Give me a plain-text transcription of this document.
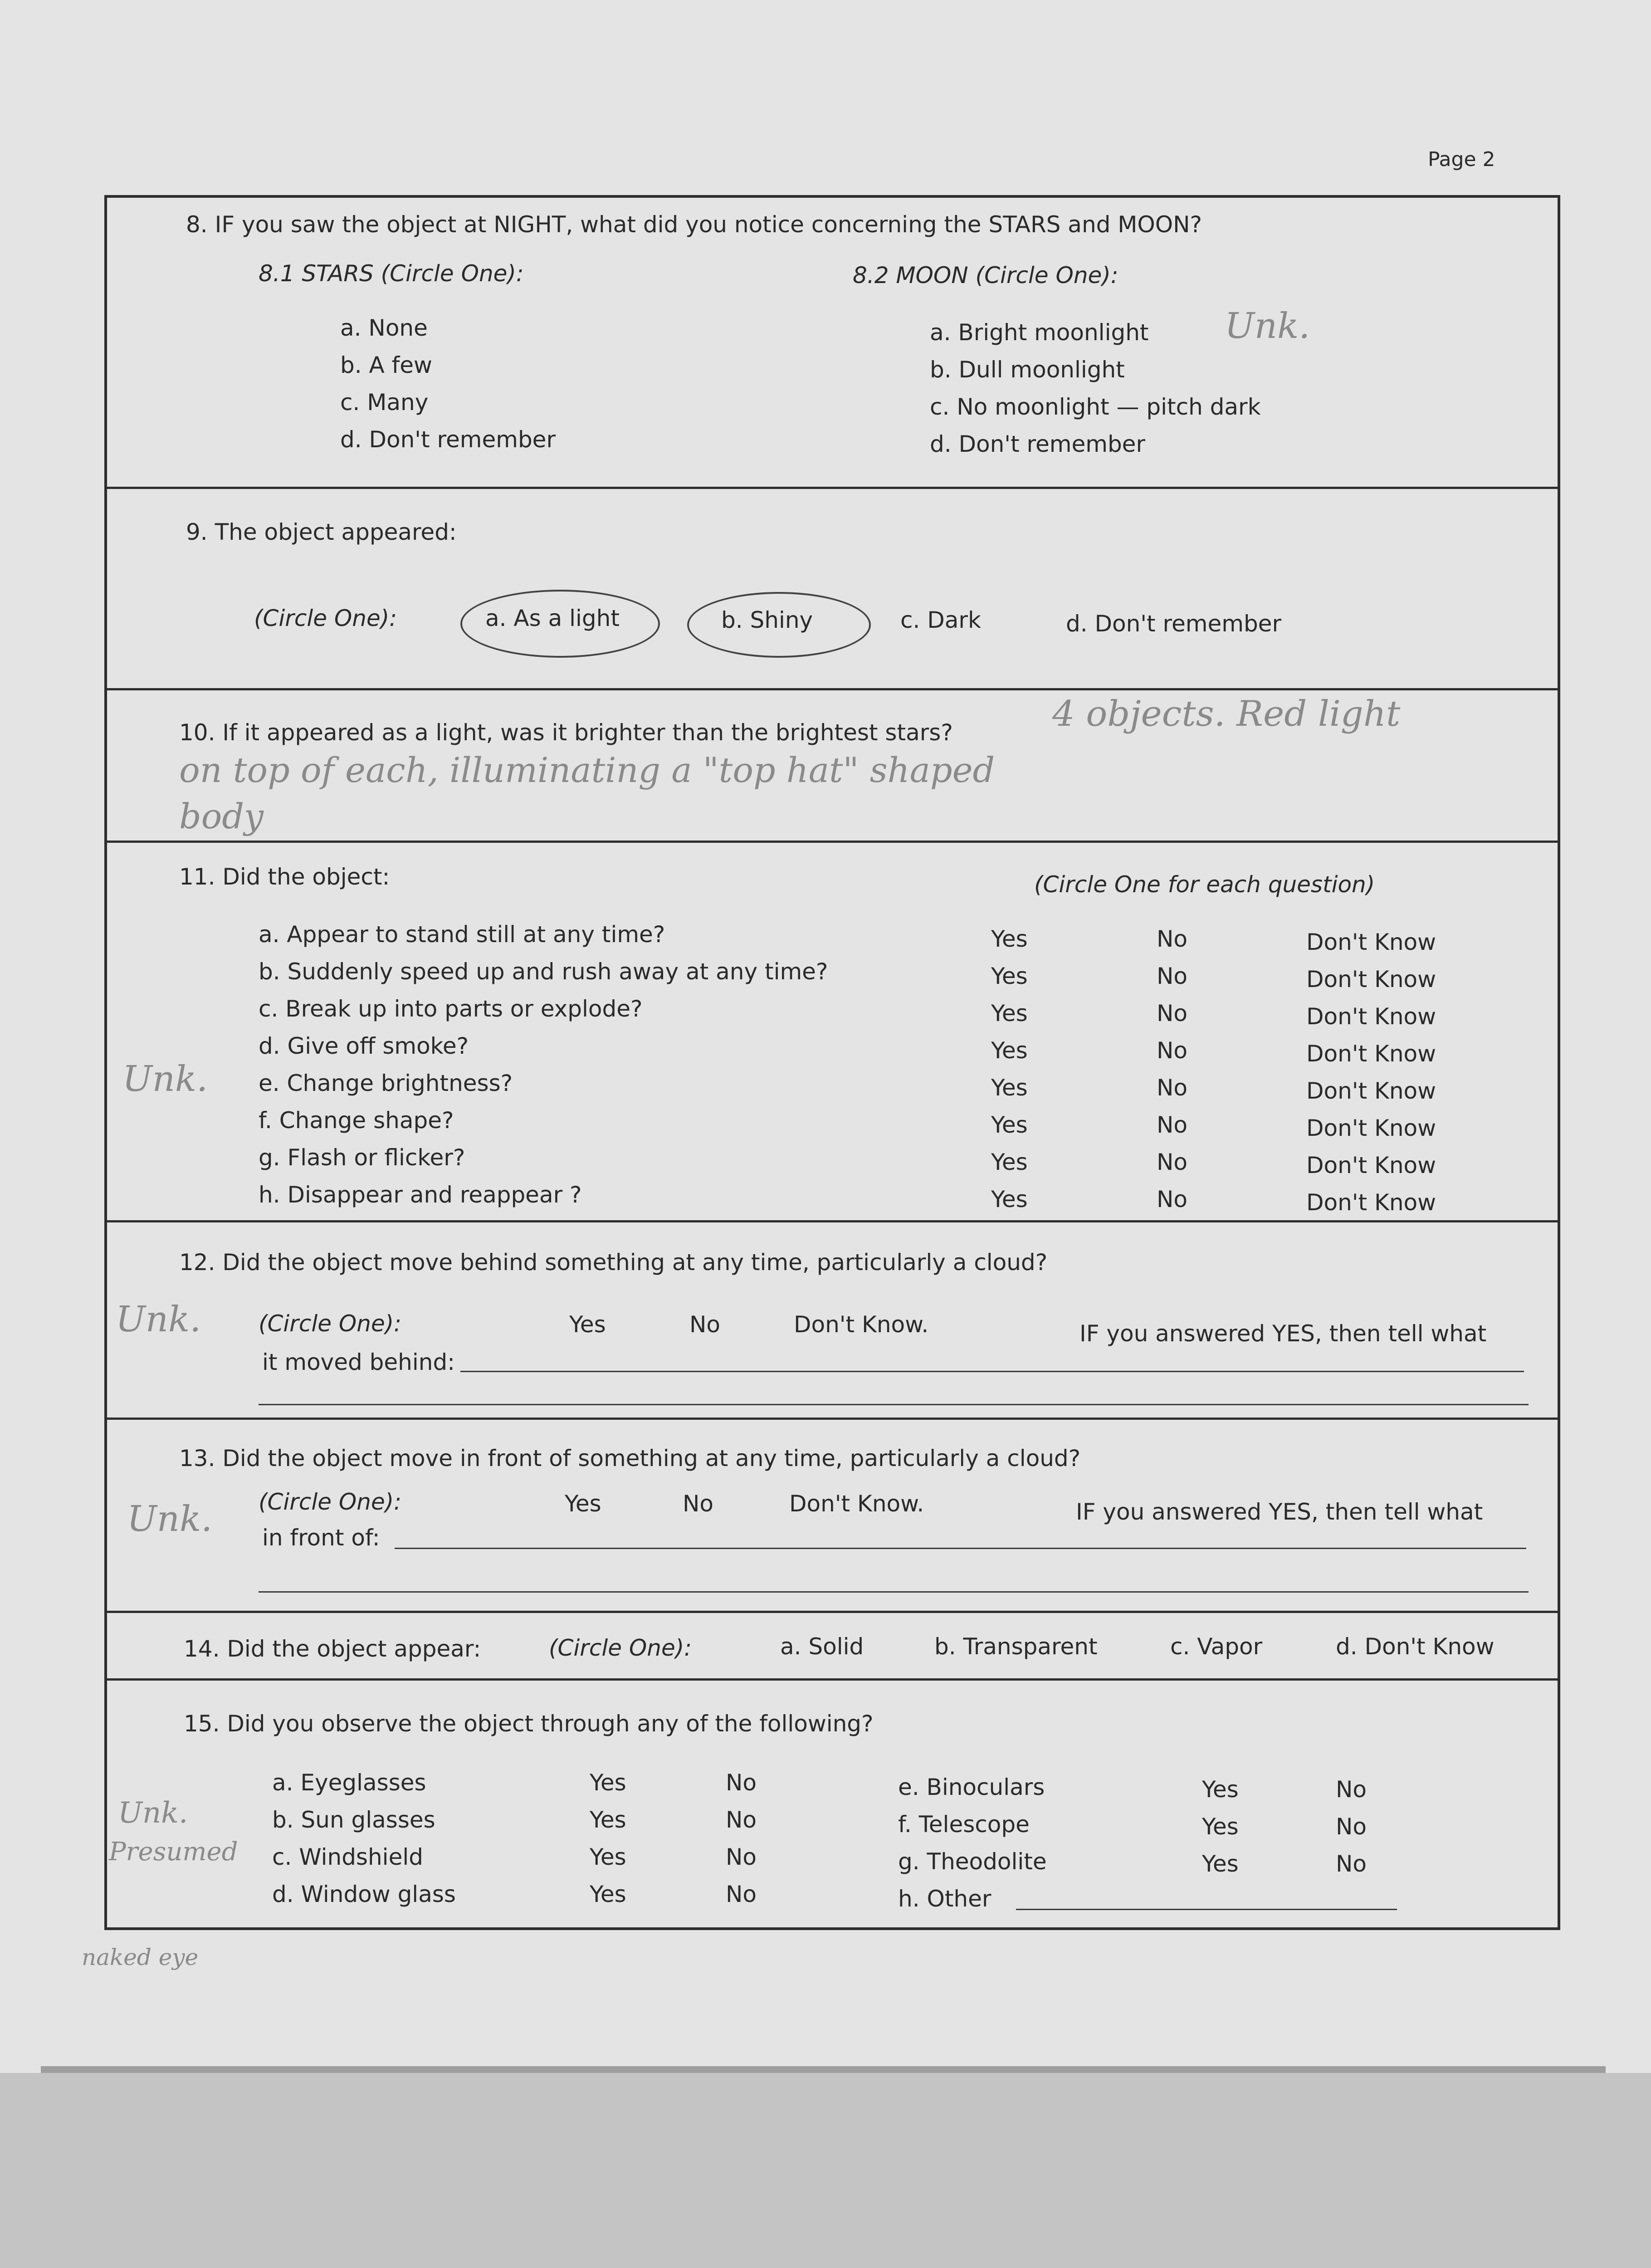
Page 2
8. IF you saw the object at NIGHT, what did you notice concerning the STARS and MOON?
8.1 STARS (Circle One):
a. None
b. A few
c. Many
d. Don't remember
8.2 MOON (Circle One):
a. Bright moonlight
b. Dull moonlight
c. No moonlight — pitch dark
d. Don't remember
Unk.
9. The object appeared:
(Circle One):	a. As a light	b. Shiny	c. Dark	d. Don't remember
10. If it appeared as a light, was it brighter than the brightest stars?	4 objects. Red light
on top of each, illuminating a "top hat" shaped
body
11. Did the object:	(Circle One for each question)
Unk.
a. Appear to stand still at any time?	Yes	No	Don't Know
b. Suddenly speed up and rush away at any time?	Yes	No	Don't Know
c. Break up into parts or explode?	Yes	No	Don't Know
d. Give off smoke?	Yes	No	Don't Know
e. Change brightness?	Yes	No	Don't Know
f. Change shape?	Yes	No	Don't Know
g. Flash or flicker?	Yes	No	Don't Know
h. Disappear and reappear ?	Yes	No	Don't Know
12. Did the object move behind something at any time, particularly a cloud?
Unk.	(Circle One):	Yes	No	Don't Know.	IF you answered YES, then tell what
it moved behind:
13. Did the object move in front of something at any time, particularly a cloud?
(Circle One):
Unk.	Yes	No	Don't Know.	IF you answered YES, then tell what
in front of:
14. Did the object appear:	(Circle One):	a. Solid	b. Transparent	c. Vapor	d. Don't Know
15. Did you observe the object through any of the following?
Unk.
Presumed
naked eye
a. Eyeglasses	Yes	No
b. Sun glasses	Yes	No
c. Windshield	Yes	No
d. Window glass	Yes	No
e. Binoculars	Yes	No
f. Telescope	Yes	No
g. Theodolite	Yes	No
h. Other
